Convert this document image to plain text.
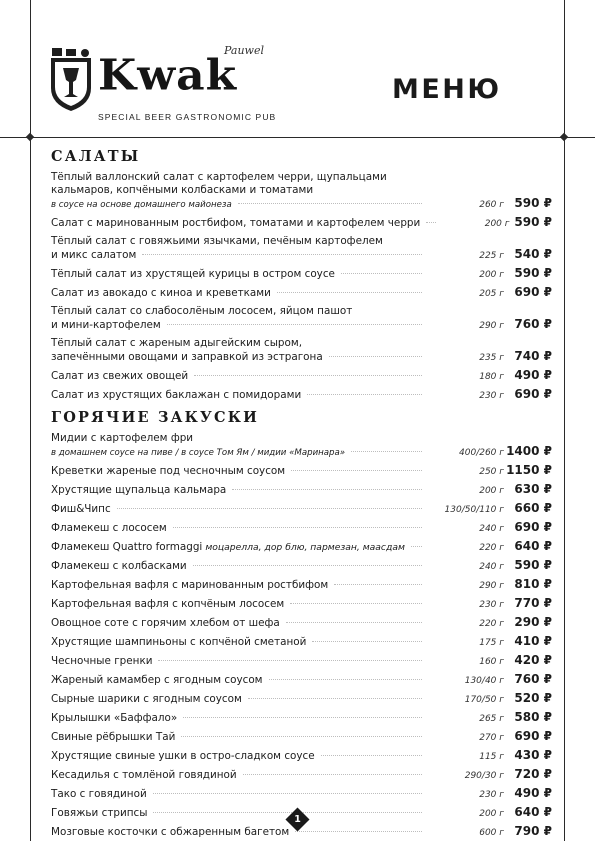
Pauwel
Kwak
SPECIAL BEER GASTRONOMIC PUB
МЕНЮ
САЛАТЫ
Тёплый валлонский салат с картофелем черри, щупальцами
кальмаров, копчёными колбасками и томатами
в соусе на основе домашнего майонеза	260 г 590 ₽
Салат с маринованным ростбифом, томатами и картофелем черри	200 г 590 ₽
Тёплый салат с говяжьими язычками, печёным картофелем
и микс салатом	225 г 540 ₽
Тёплый салат из хрустящей курицы в остром соусе	200 г 590 ₽
Салат из авокадо с киноа и креветками	205 г 690 ₽
Тёплый салат со слабосолёным лососем, яйцом пашот
и мини-картофелем	290 г 760 ₽
Тёплый салат с жареным адыгейским сыром,
запечёнными овощами и заправкой из эстрагона	235 г 740 ₽
Салат из свежих овощей	180 г 490 ₽
Салат из хрустящих баклажан с помидорами	230 г 690 ₽
ГОРЯЧИЕ ЗАКУСКИ
Мидии с картофелем фри
в домашнем соусе на пиве / в соусе Том Ям / мидии «Маринара»	400/260 г 1400 ₽
Креветки жареные под чесночным соусом	250 г 1150 ₽
Хрустящие щупальца кальмара	200 г 630 ₽
Фиш&Чипс	130/50/110 г 660 ₽
Фламекеш с лососем	240 г 690 ₽
Фламекеш Quattro formaggi моцарелла, дор блю, пармезан, маасдам	220 г 640 ₽
Фламекеш с колбасками	240 г 590 ₽
Картофельная вафля с маринованным ростбифом	290 г 810 ₽
Картофельная вафля с копчёным лососем	230 г 770 ₽
Овощное соте с горячим хлебом от шефа	220 г 290 ₽
Хрустящие шампиньоны с копчёной сметаной	175 г 410 ₽
Чесночные гренки	160 г 420 ₽
Жареный камамбер с ягодным соусом	130/40 г 760 ₽
Сырные шарики с ягодным соусом	170/50 г 520 ₽
Крылышки «Баффало»	265 г 580 ₽
Свиные рёбрышки Тай	270 г 690 ₽
Хрустящие свиные ушки в остро-сладком соусе	115 г 430 ₽
Кесадилья с томлёной говядиной	290/30 г 720 ₽
Тако с говядиной	230 г 490 ₽
Говяжьи стрипсы	200 г 640 ₽
Мозговые косточки с обжаренным багетом	600 г 790 ₽
1
